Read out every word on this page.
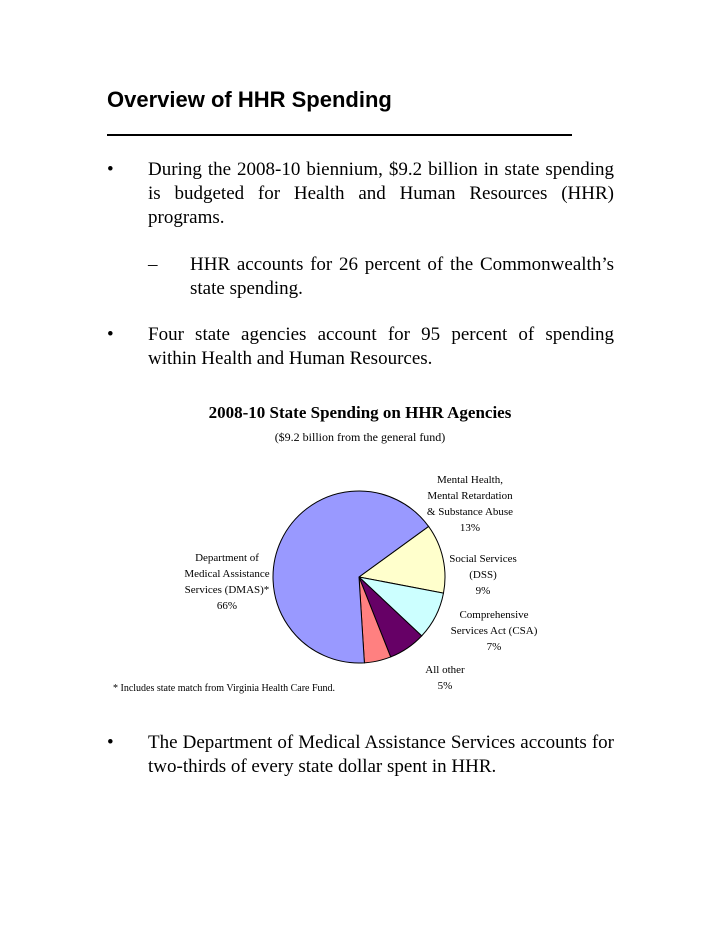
Overview of HHR Spending
• During the 2008-10 biennium, $9.2 billion in state spending is budgeted for Health and Human Resources (HHR) programs.
– HHR accounts for 26 percent of the Commonwealth’s state spending.
• Four state agencies account for 95 percent of spending within Health and Human Resources.
2008-10 State Spending on HHR Agencies
($9.2 billion from the general fund)
Mental Health,
Mental Retardation
& Substance Abuse
13%
Social Services
(DSS)
9%
Comprehensive
Services Act (CSA)
7%
All other
5%
Department of
Medical Assistance
Services (DMAS)*
66%
* Includes state match from Virginia Health Care Fund.
• The Department of Medical Assistance Services accounts for two-thirds of every state dollar spent in HHR.
